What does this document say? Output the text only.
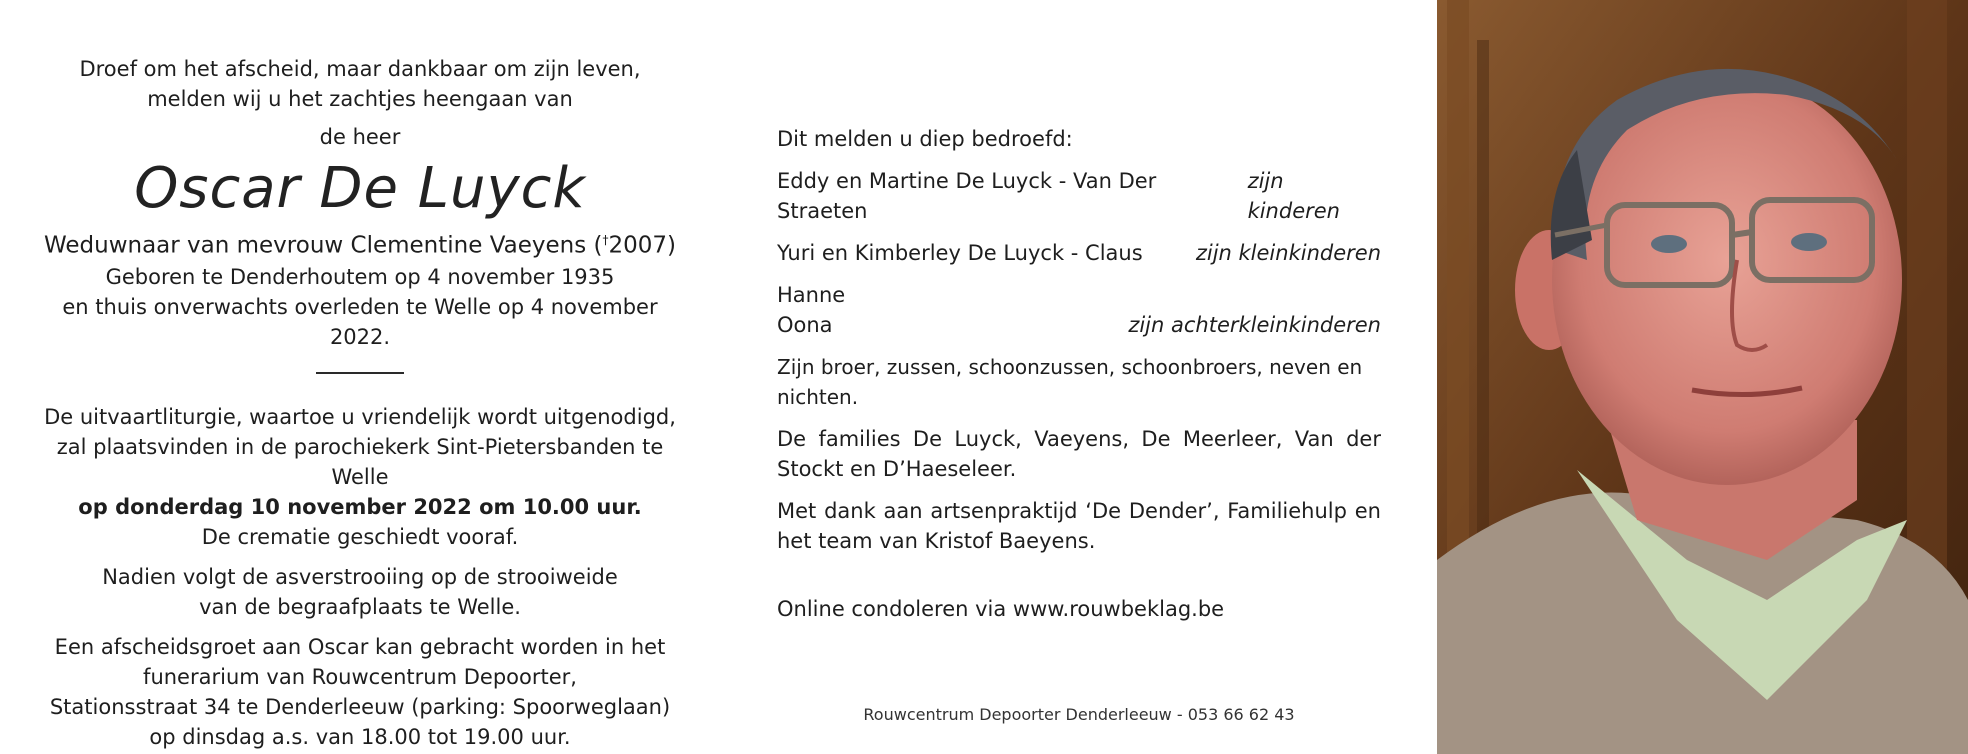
Droef om het afscheid, maar dankbaar om zijn leven,

melden wij u het zachtjes heengaan van

de heer

Oscar De Luyck

Weduwnaar van mevrouw Clementine Vaeyens (†2007)

Geboren te Denderhoutem op 4 november 1935

en thuis onverwachts overleden te Welle op 4 november 2022.

De uitvaartliturgie, waartoe u vriendelijk wordt uitgenodigd,

zal plaatsvinden in de parochiekerk Sint-Pietersbanden te Welle

op donderdag 10 november 2022 om 10.00 uur.

De crematie geschiedt vooraf.

Nadien volgt de asverstrooiing op de strooiweide

van de begraafplaats te Welle.

Een afscheidsgroet aan Oscar kan gebracht worden in het

funerarium van Rouwcentrum Depoorter,

Stationsstraat 34 te Denderleeuw (parking: Spoorweglaan)

op dinsdag a.s. van 18.00 tot 19.00 uur.

Dit melden u diep bedroefd:

Eddy en Martine De Luyck - Van Der Straeten
zijn kinderen
Yuri en Kimberley De Luyck - Claus	zijn kleinkinderen

Hanne

Oona	zijn achterkleinkinderen

Zijn broer, zussen, schoonzussen, schoonbroers, neven en nichten.

De families De Luyck, Vaeyens, De Meerleer, Van der Stockt en D’Haeseleer.

Met dank aan artsenpraktijd ‘De Dender’, Familiehulp en het team van Kristof Baeyens.

Online condoleren via www.rouwbeklag.be
Rouwcentrum Depoorter Denderleeuw - 053 66 62 43
